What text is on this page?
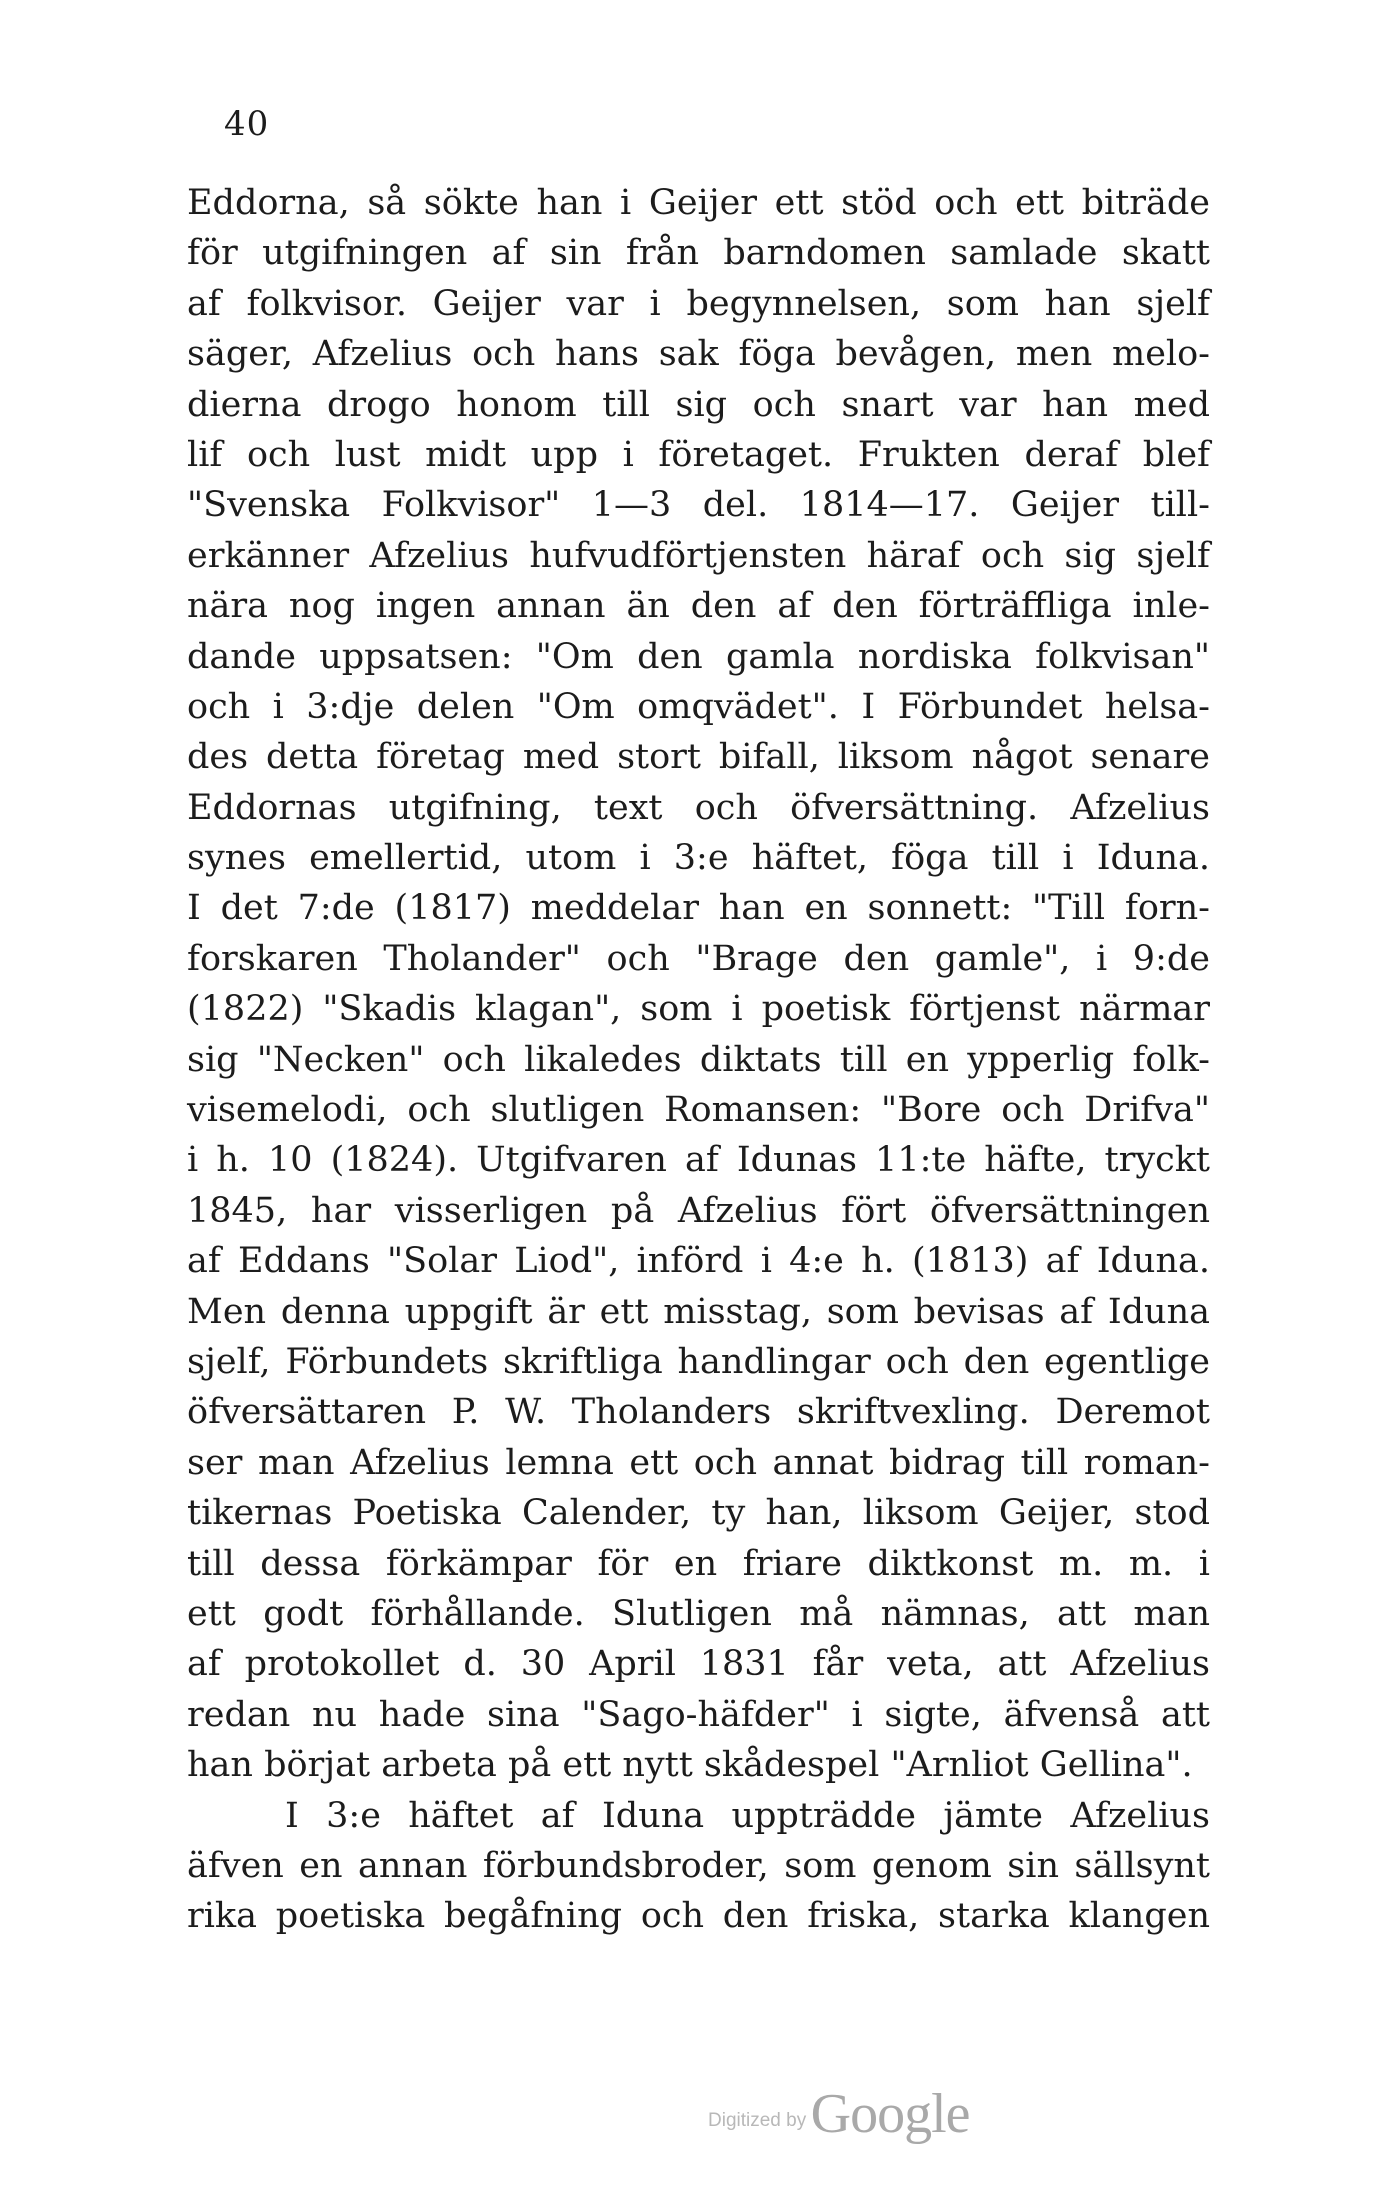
40
Eddorna, så sökte han i Geijer ett stöd och ett biträde
för utgifningen af sin från barndomen samlade skatt
af folkvisor. Geijer var i begynnelsen, som han sjelf
säger, Afzelius och hans sak föga bevågen, men melo-
dierna drogo honom till sig och snart var han med
lif och lust midt upp i företaget. Frukten deraf blef
"Svenska Folkvisor" 1—3 del. 1814—17. Geijer till-
erkänner Afzelius hufvudförtjensten häraf och sig sjelf
nära nog ingen annan än den af den förträffliga inle-
dande uppsatsen: "Om den gamla nordiska folkvisan"
och i 3:dje delen "Om omqvädet". I Förbundet helsa-
des detta företag med stort bifall, liksom något senare
Eddornas utgifning, text och öfversättning. Afzelius
synes emellertid, utom i 3:e häftet, föga till i Iduna.
I det 7:de (1817) meddelar han en sonnett: "Till forn-
forskaren Tholander" och "Brage den gamle", i 9:de
(1822) "Skadis klagan", som i poetisk förtjenst närmar
sig "Necken" och likaledes diktats till en ypperlig folk-
visemelodi, och slutligen Romansen: "Bore och Drifva"
i h. 10 (1824). Utgifvaren af Idunas 11:te häfte, tryckt
1845, har visserligen på Afzelius fört öfversättningen
af Eddans "Solar Liod", införd i 4:e h. (1813) af Iduna.
Men denna uppgift är ett misstag, som bevisas af Iduna
sjelf, Förbundets skriftliga handlingar och den egentlige
öfversättaren P. W. Tholanders skriftvexling. Deremot
ser man Afzelius lemna ett och annat bidrag till roman-
tikernas Poetiska Calender, ty han, liksom Geijer, stod
till dessa förkämpar för en friare diktkonst m. m. i
ett godt förhållande. Slutligen må nämnas, att man
af protokollet d. 30 April 1831 får veta, att Afzelius
redan nu hade sina "Sago-häfder" i sigte, äfvenså att
han börjat arbeta på ett nytt skådespel "Arnliot Gellina".
I 3:e häftet af Iduna uppträdde jämte Afzelius
äfven en annan förbundsbroder, som genom sin sällsynt
rika poetiska begåfning och den friska, starka klangen
Digitized by Google
